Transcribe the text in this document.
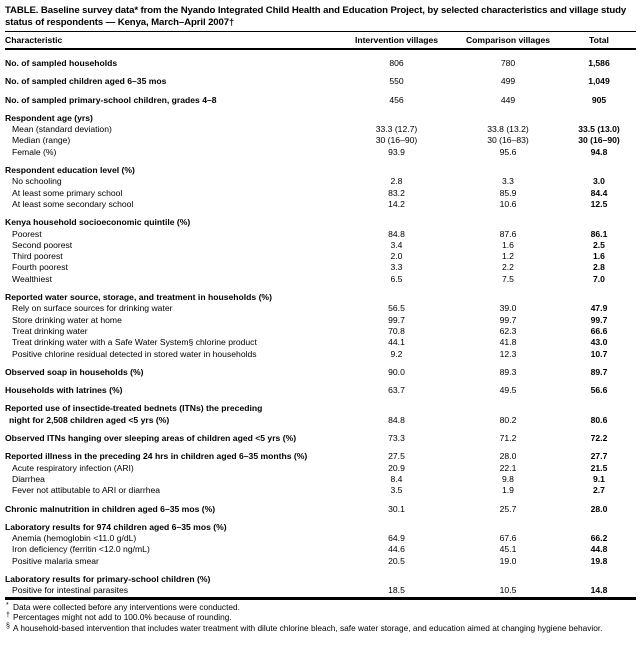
TABLE. Baseline survey data* from the Nyando Integrated Child Health and Education Project, by selected characteristics and village study status of respondents — Kenya, March–April 2007†
Characteristic	Intervention villages	Comparison villages	Total
No. of sampled households	806	780	1,586
No. of sampled children aged 6–35 mos	550	499	1,049
No. of sampled primary-school children, grades 4–8	456	449	905
Respondent age (yrs)
Mean (standard deviation)	33.3 (12.7)	33.8 (13.2)	33.5 (13.0)
Median (range)	30 (16–90)	30 (16–83)	30 (16–90)
Female (%)	93.9	95.6	94.8
Respondent education level (%)
No schooling	2.8	3.3	3.0
At least some primary school	83.2	85.9	84.4
At least some secondary school	14.2	10.6	12.5
Kenya household socioeconomic quintile (%)
Poorest	84.8	87.6	86.1
Second poorest	3.4	1.6	2.5
Third poorest	2.0	1.2	1.6
Fourth poorest	3.3	2.2	2.8
Wealthiest	6.5	7.5	7.0
Reported water source, storage, and treatment in households (%)
Rely on surface sources for drinking water	56.5	39.0	47.9
Store drinking water at home	99.7	99.7	99.7
Treat drinking water	70.8	62.3	66.6
Treat drinking water with a Safe Water System§ chlorine product	44.1	41.8	43.0
Positive chlorine residual detected in stored water in households	9.2	12.3	10.7
Observed soap in households (%)	90.0	89.3	89.7
Households with latrines (%)	63.7	49.5	56.6
Reported use of insectide-treated bednets (ITNs) the preceding
night for 2,508 children aged <5 yrs (%)	84.8	80.2	80.6
Observed ITNs hanging over sleeping areas of children aged <5 yrs (%)	73.3	71.2	72.2
Reported illness in the preceding 24 hrs in children aged 6–35 months (%)	27.5	28.0	27.7
Acute respiratory infection (ARI)	20.9	22.1	21.5
Diarrhea	8.4	9.8	9.1
Fever not attibutable to ARI or diarrhea	3.5	1.9	2.7
Chronic malnutrition in children aged 6–35 mos (%)	30.1	25.7	28.0
Laboratory results for 974 children aged 6–35 mos (%)
Anemia (hemoglobin <11.0 g/dL)	64.9	67.6	66.2
Iron deficiency (ferritin <12.0 ng/mL)	44.6	45.1	44.8
Positive malaria smear	20.5	19.0	19.8
Laboratory results for primary-school children (%)
Positive for intestinal parasites	18.5	10.5	14.8
* Data were collected before any interventions were conducted.
† Percentages might not add to 100.0% because of rounding.
§ A household-based intervention that includes water treatment with dilute chlorine bleach, safe water storage, and education aimed at changing hygiene behavior.
